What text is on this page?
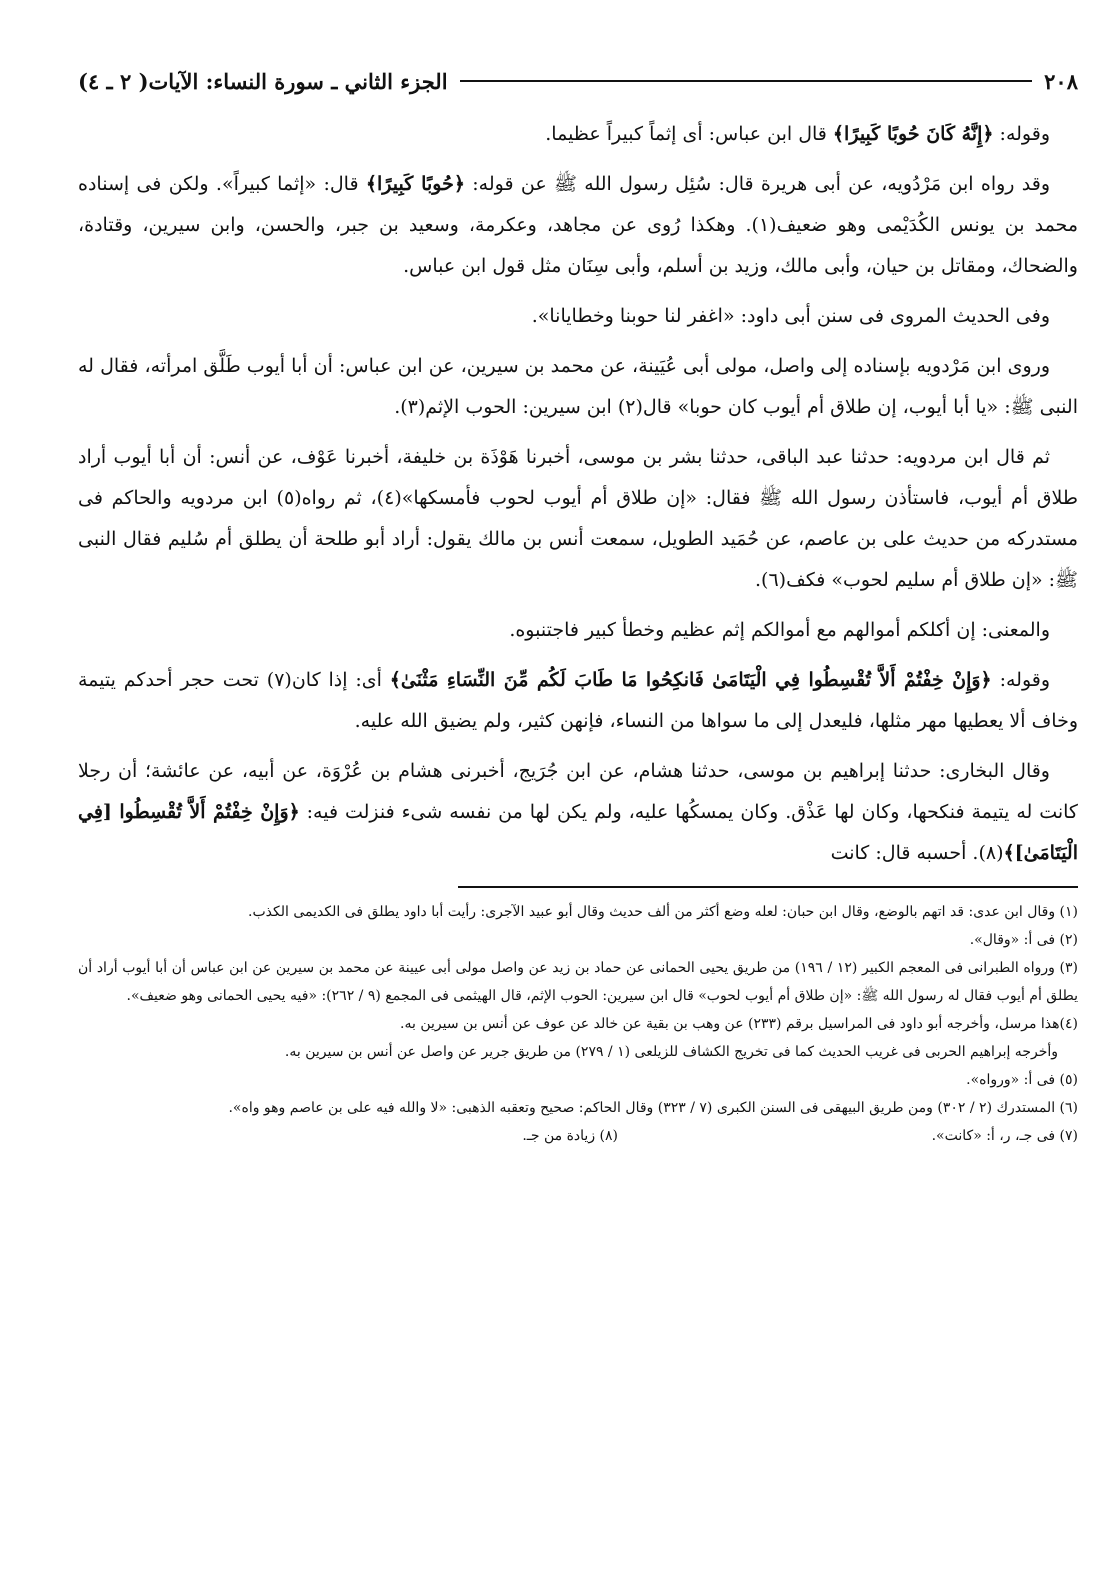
٢٠٨
الجزء الثاني ـ سورة النساء: الآيات( ٢ ـ ٤)

وقوله: ﴿إِنَّهُ كَانَ حُوبًا كَبِيرًا﴾ قال ابن عباس: أى إثماً كبيراً عظيما.

وقد رواه ابن مَرْدُويه، عن أبى هريرة قال: سُئِل رسول الله ﷺ عن قوله: ﴿حُوبًا كَبِيرًا﴾ قال: «إثما كبيراً». ولكن فى إسناده محمد بن يونس الكُدَيْمى وهو ضعيف(١). وهكذا رُوى عن مجاهد، وعكرمة، وسعيد بن جبر، والحسن، وابن سيرين، وقتادة، والضحاك، ومقاتل بن حيان، وأبى مالك، وزيد بن أسلم، وأبى سِنَان مثل قول ابن عباس.

وفى الحديث المروى فى سنن أبى داود: «اغفر لنا حوبنا وخطايانا».

وروى ابن مَرْدويه بإسناده إلى واصل، مولى أبى عُيَينة، عن محمد بن سيرين، عن ابن عباس: أن أبا أيوب طَلَّق امرأته، فقال له النبى ﷺ: «يا أبا أيوب، إن طلاق أم أيوب كان حوبا» قال(٢) ابن سيرين: الحوب الإثم(٣).

ثم قال ابن مردويه: حدثنا عبد الباقى، حدثنا بشر بن موسى، أخبرنا هَوْذَة بن خليفة، أخبرنا عَوْف، عن أنس: أن أبا أيوب أراد طلاق أم أيوب، فاستأذن رسول الله ﷺ فقال: «إن طلاق أم أيوب لحوب فأمسكها»(٤)، ثم رواه(٥) ابن مردويه والحاكم فى مستدركه من حديث على بن عاصم، عن حُمَيد الطويل، سمعت أنس بن مالك يقول: أراد أبو طلحة أن يطلق أم سُليم فقال النبى ﷺ: «إن طلاق أم سليم لحوب» فكف(٦).

والمعنى: إن أكلكم أموالهم مع أموالكم إثم عظيم وخطأ كبير فاجتنبوه.

وقوله: ﴿وَإِنْ خِفْتُمْ أَلاَّ تُقْسِطُوا فِي الْيَتَامَىٰ فَانكِحُوا مَا طَابَ لَكُم مِّنَ النِّسَاءِ مَثْنَىٰ﴾ أى: إذا كان(٧) تحت حجر أحدكم يتيمة وخاف ألا يعطيها مهر مثلها، فليعدل إلى ما سواها من النساء، فإنهن كثير، ولم يضيق الله عليه.

وقال البخارى: حدثنا إبراهيم بن موسى، حدثنا هشام، عن ابن جُرَيج، أخبرنى هشام بن عُرْوَة، عن أبيه، عن عائشة؛ أن رجلا كانت له يتيمة فنكحها، وكان لها عَذْق. وكان يمسكُها عليه، ولم يكن لها من نفسه شىء فنزلت فيه: ﴿وَإِنْ خِفْتُمْ أَلاَّ تُقْسِطُوا [فِي الْيَتَامَىٰ]﴾(٨). أحسبه قال: كانت

(١) وقال ابن عدى: قد اتهم بالوضع، وقال ابن حبان: لعله وضع أكثر من ألف حديث وقال أبو عبيد الآجرى: رأيت أبا داود يطلق فى الكديمى الكذب.

(٢) فى أ: «وقال».

(٣) ورواه الطبرانى فى المعجم الكبير (١٢ / ١٩٦) من طريق يحيى الحمانى عن حماد بن زيد عن واصل مولى أبى عيينة عن محمد بن سيرين عن ابن عباس أن أبا أيوب أراد أن يطلق أم أيوب فقال له رسول الله ﷺ: «إن طلاق أم أيوب لحوب» قال ابن سيرين: الحوب الإثم، قال الهيثمى فى المجمع (٩ / ٢٦٢): «فيه يحيى الحمانى وهو ضعيف».

(٤)هذا مرسل، وأخرجه أبو داود فى المراسيل برقم (٢٣٣) عن وهب بن بقية عن خالد عن عوف عن أنس بن سيرين به.

وأخرجه إبراهيم الحربى فى غريب الحديث كما فى تخريج الكشاف للزيلعى (١ / ٢٧٩) من طريق جرير عن واصل عن أنس بن سيرين به.

(٥) فى أ: «ورواه».

(٦) المستدرك (٢ / ٣٠٢) ومن طريق البيهقى فى السنن الكبرى (٧ / ٣٢٣) وقال الحاكم: صحيح وتعقبه الذهبى: «لا والله فيه على بن عاصم وهو واه».

(٧) فى جـ، ر، أ: «كانت».
(٨) زيادة من جـ.
